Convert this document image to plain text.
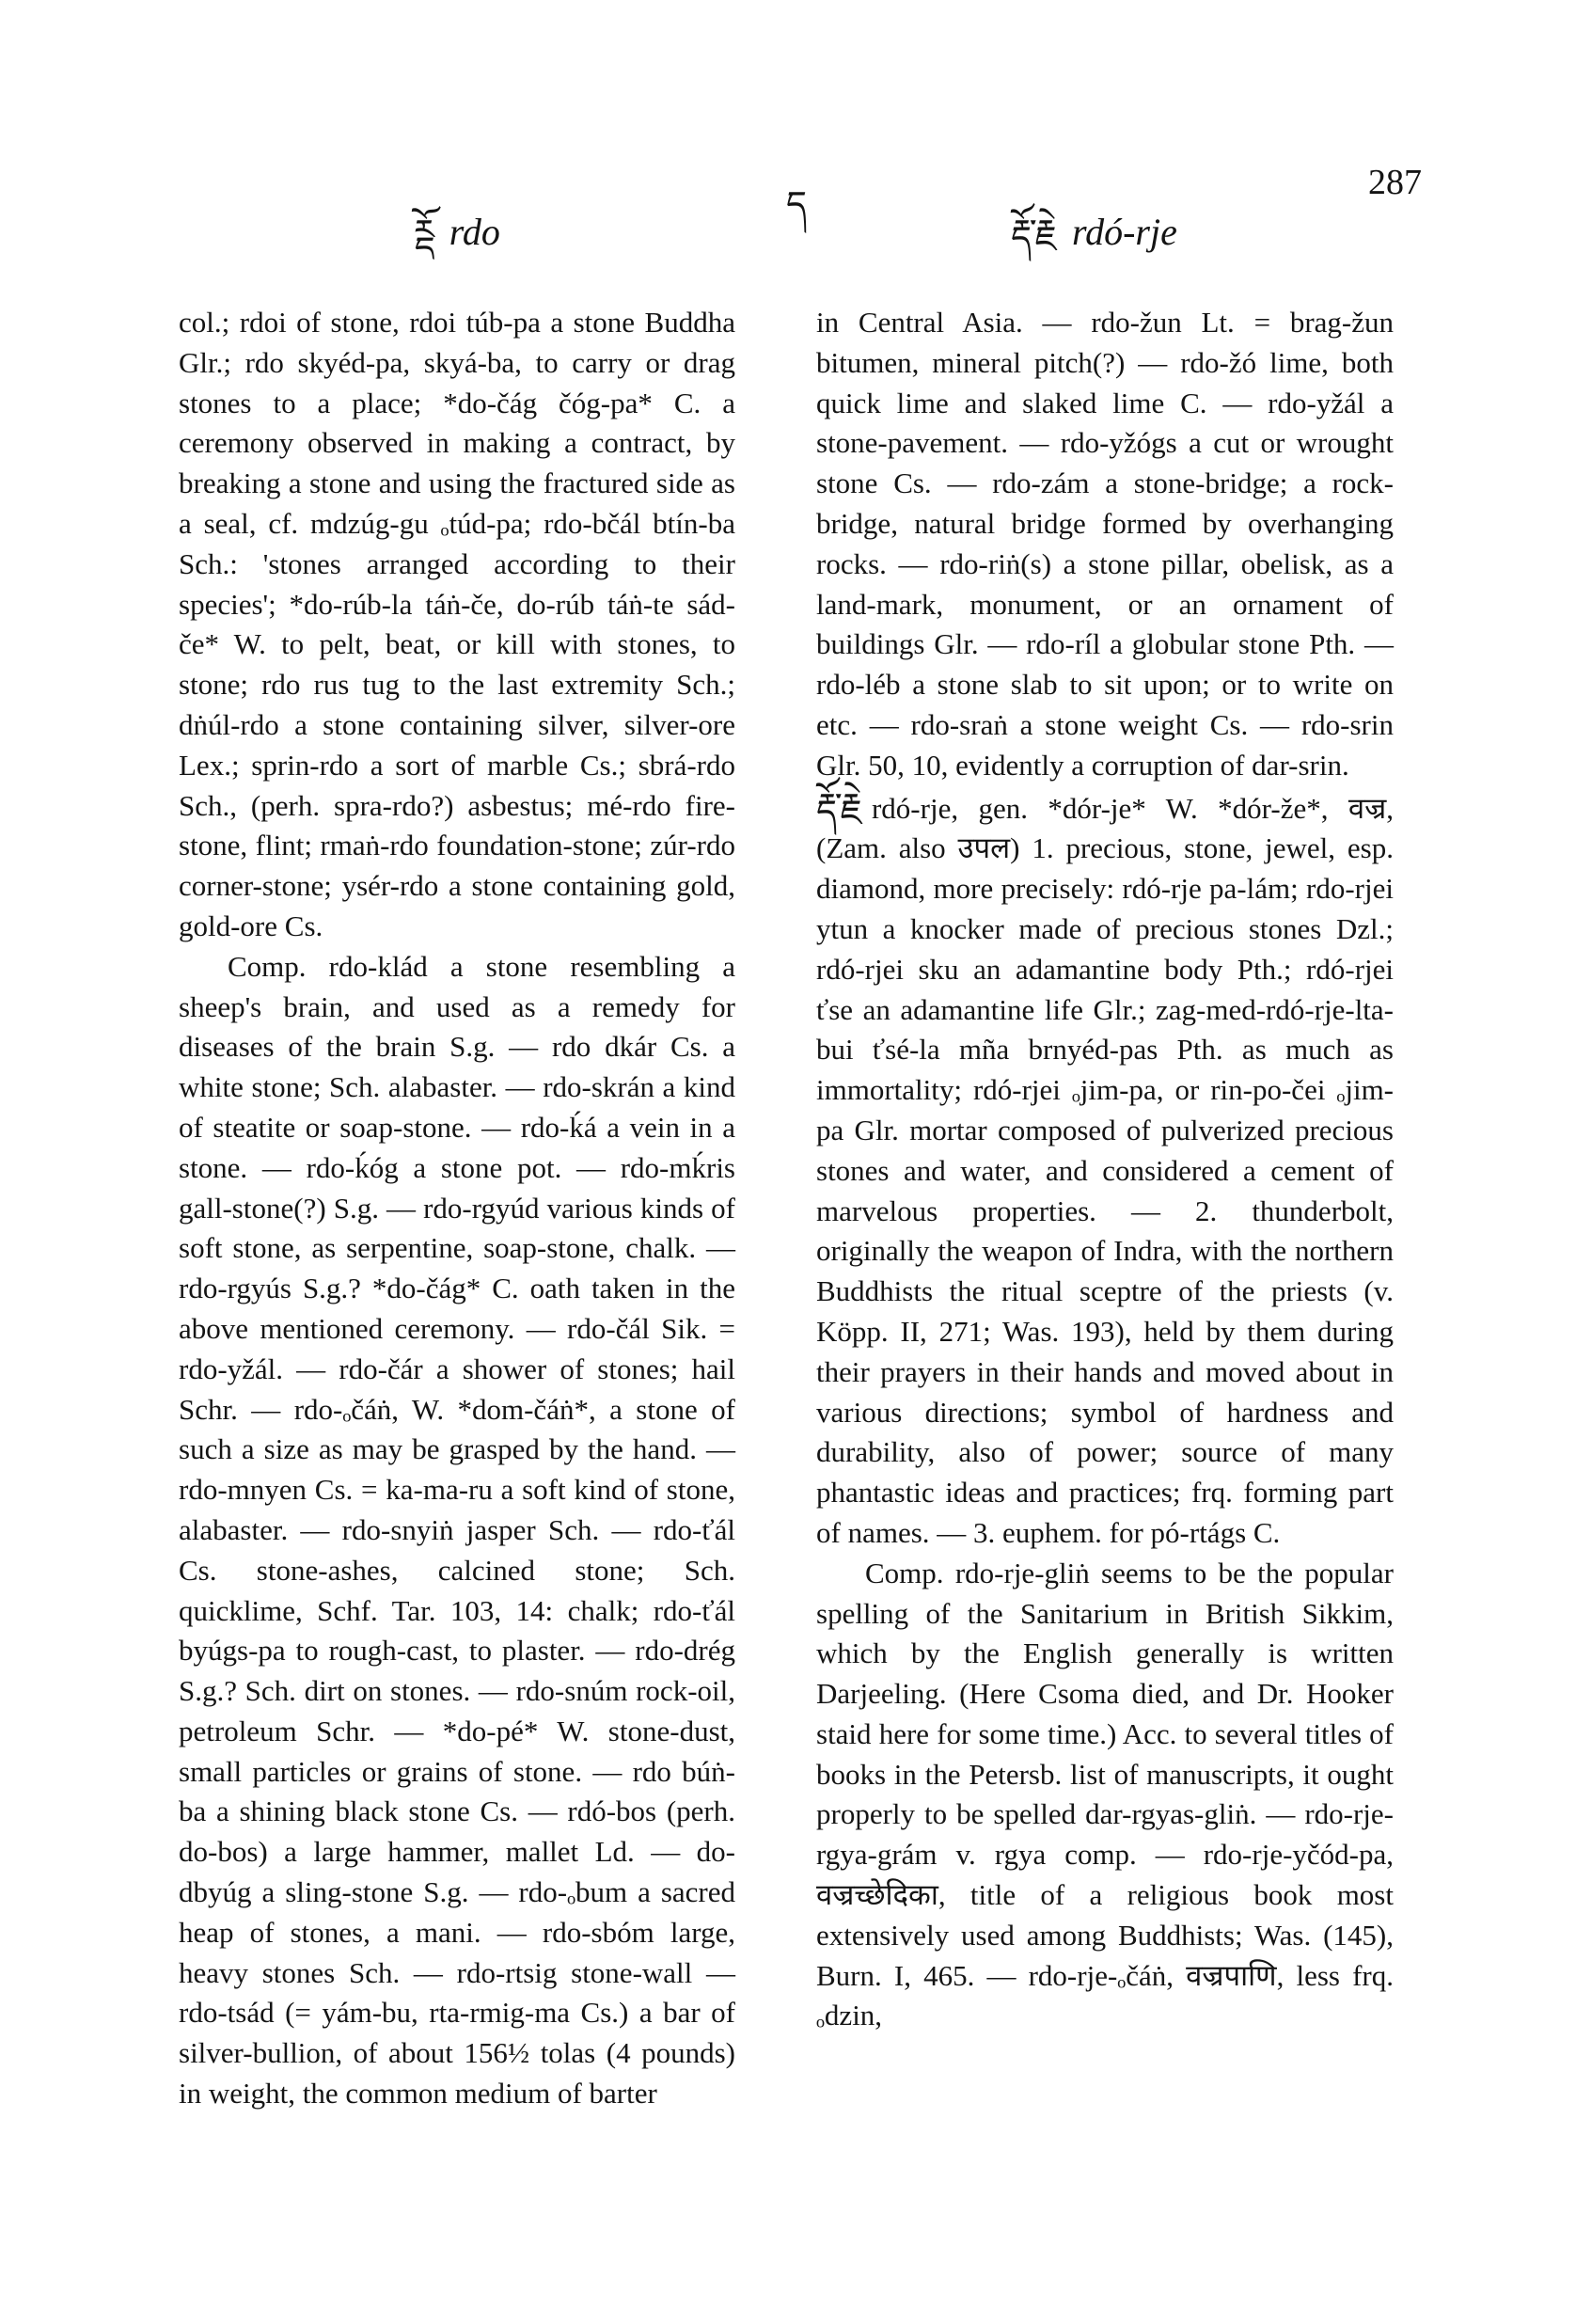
ཪྡོ rdo
ད
རྡོ་རྗེ rdó-rje
287

col.; rdoi of stone, rdoi túb-pa a stone Buddha Glr.; rdo skyéd-pa, skyá-ba, to carry or drag stones to a place; *do-čág čóg-pa* C. a ceremony observed in making a contract, by breaking a stone and using the fractured side as a seal, cf. mdzúg-gu ₒtúd-pa; rdo-bčál btín-ba Sch.: 'stones arranged according to their species'; *do-rúb-la táṅ-če, do-rúb táṅ-te sád-če* W. to pelt, beat, or kill with stones, to stone; rdo rus tug to the last extremity Sch.; dṅúl-rdo a stone containing silver, silver-ore Lex.; sprin-rdo a sort of marble Cs.; sbrá-rdo Sch., (perh. spra-rdo?) asbestus; mé-rdo fire-stone, flint; rmaṅ-rdo foundation-stone; zúr-rdo corner-stone; ysér-rdo a stone containing gold, gold-ore Cs.

Comp. rdo-klád a stone resembling a sheep's brain, and used as a remedy for diseases of the brain S.g. — rdo dkár Cs. a white stone; Sch. alabaster. — rdo-skrán a kind of steatite or soap-stone. — rdo-ḱá a vein in a stone. — rdo-ḱóg a stone pot. — rdo-mḱris gall-stone(?) S.g. — rdo-rgyúd various kinds of soft stone, as serpentine, soap-stone, chalk. — rdo-rgyús S.g.? *do-čág* C. oath taken in the above mentioned ceremony. — rdo-čál Sik. = rdo-yžál. — rdo-čár a shower of stones; hail Schr. — rdo-ₒčáṅ, W. *dom-čáṅ*, a stone of such a size as may be grasped by the hand. — rdo-mnyen Cs. = ka-ma-ru a soft kind of stone, alabaster. — rdo-snyiṅ jasper Sch. — rdo-ťál Cs. stone-ashes, calcined stone; Sch. quicklime, Schf. Tar. 103, 14: chalk; rdo-ťál byúgs-pa to rough-cast, to plaster. — rdo-drég S.g.? Sch. dirt on stones. — rdo-snúm rock-oil, petroleum Schr. — *do-pé* W. stone-dust, small particles or grains of stone. — rdo búṅ-ba a shining black stone Cs. — rdó-bos (perh. do-bos) a large hammer, mallet Ld. — do-dbyúg a sling-stone S.g. — rdo-ₒbum a sacred heap of stones, a mani. — rdo-sbóm large, heavy stones Sch. — rdo-rtsig stone-wall — rdo-tsád (= yám-bu, rta-rmig-ma Cs.) a bar of silver-bullion, of about 156½ tolas (4 pounds) in weight, the common medium of barter

in Central Asia. — rdo-žun Lt. = brag-žun bitumen, mineral pitch(?) — rdo-žó lime, both quick lime and slaked lime C. — rdo-yžál a stone-pavement. — rdo-yžógs a cut or wrought stone Cs. — rdo-zám a stone-bridge; a rock-bridge, natural bridge formed by overhanging rocks. — rdo-riṅ(s) a stone pillar, obelisk, as a land-mark, monument, or an ornament of buildings Glr. — rdo-ríl a globular stone Pth. — rdo-léb a stone slab to sit upon; or to write on etc. — rdo-sraṅ a stone weight Cs. — rdo-srin Glr. 50, 10, evidently a corruption of dar-srin.

རྡོ་རྗེ rdó-rje, gen. *dór-je* W. *dór-že*, वज्र, (Zam. also उपल) 1. precious, stone, jewel, esp. diamond, more precisely: rdó-rje pa-lám; rdo-rjei ytun a knocker made of precious stones Dzl.; rdó-rjei sku an adamantine body Pth.; rdó-rjei ťse an adamantine life Glr.; zag-med-rdó-rje-lta-bui ťsé-la mña brnyéd-pas Pth. as much as immortality; rdó-rjei ₒjim-pa, or rin-po-čei ₒjim-pa Glr. mortar composed of pulverized precious stones and water, and considered a cement of marvelous properties. — 2. thunderbolt, originally the weapon of Indra, with the northern Buddhists the ritual sceptre of the priests (v. Köpp. II, 271; Was. 193), held by them during their prayers in their hands and moved about in various directions; symbol of hardness and durability, also of power; source of many phantastic ideas and practices; frq. forming part of names. — 3. euphem. for pó-rtágs C.

Comp. rdo-rje-gliṅ seems to be the popular spelling of the Sanitarium in British Sikkim, which by the English generally is written Darjeeling. (Here Csoma died, and Dr. Hooker staid here for some time.) Acc. to several titles of books in the Petersb. list of manuscripts, it ought properly to be spelled dar-rgyas-gliṅ. — rdo-rje-rgya-grám v. rgya comp. — rdo-rje-yčód-pa, वज्रच्छेदिका, title of a religious book most extensively used among Buddhists; Was. (145), Burn. I, 465. — rdo-rje-ₒčáṅ, वज्रपाणि, less frq. ₒdzin,
